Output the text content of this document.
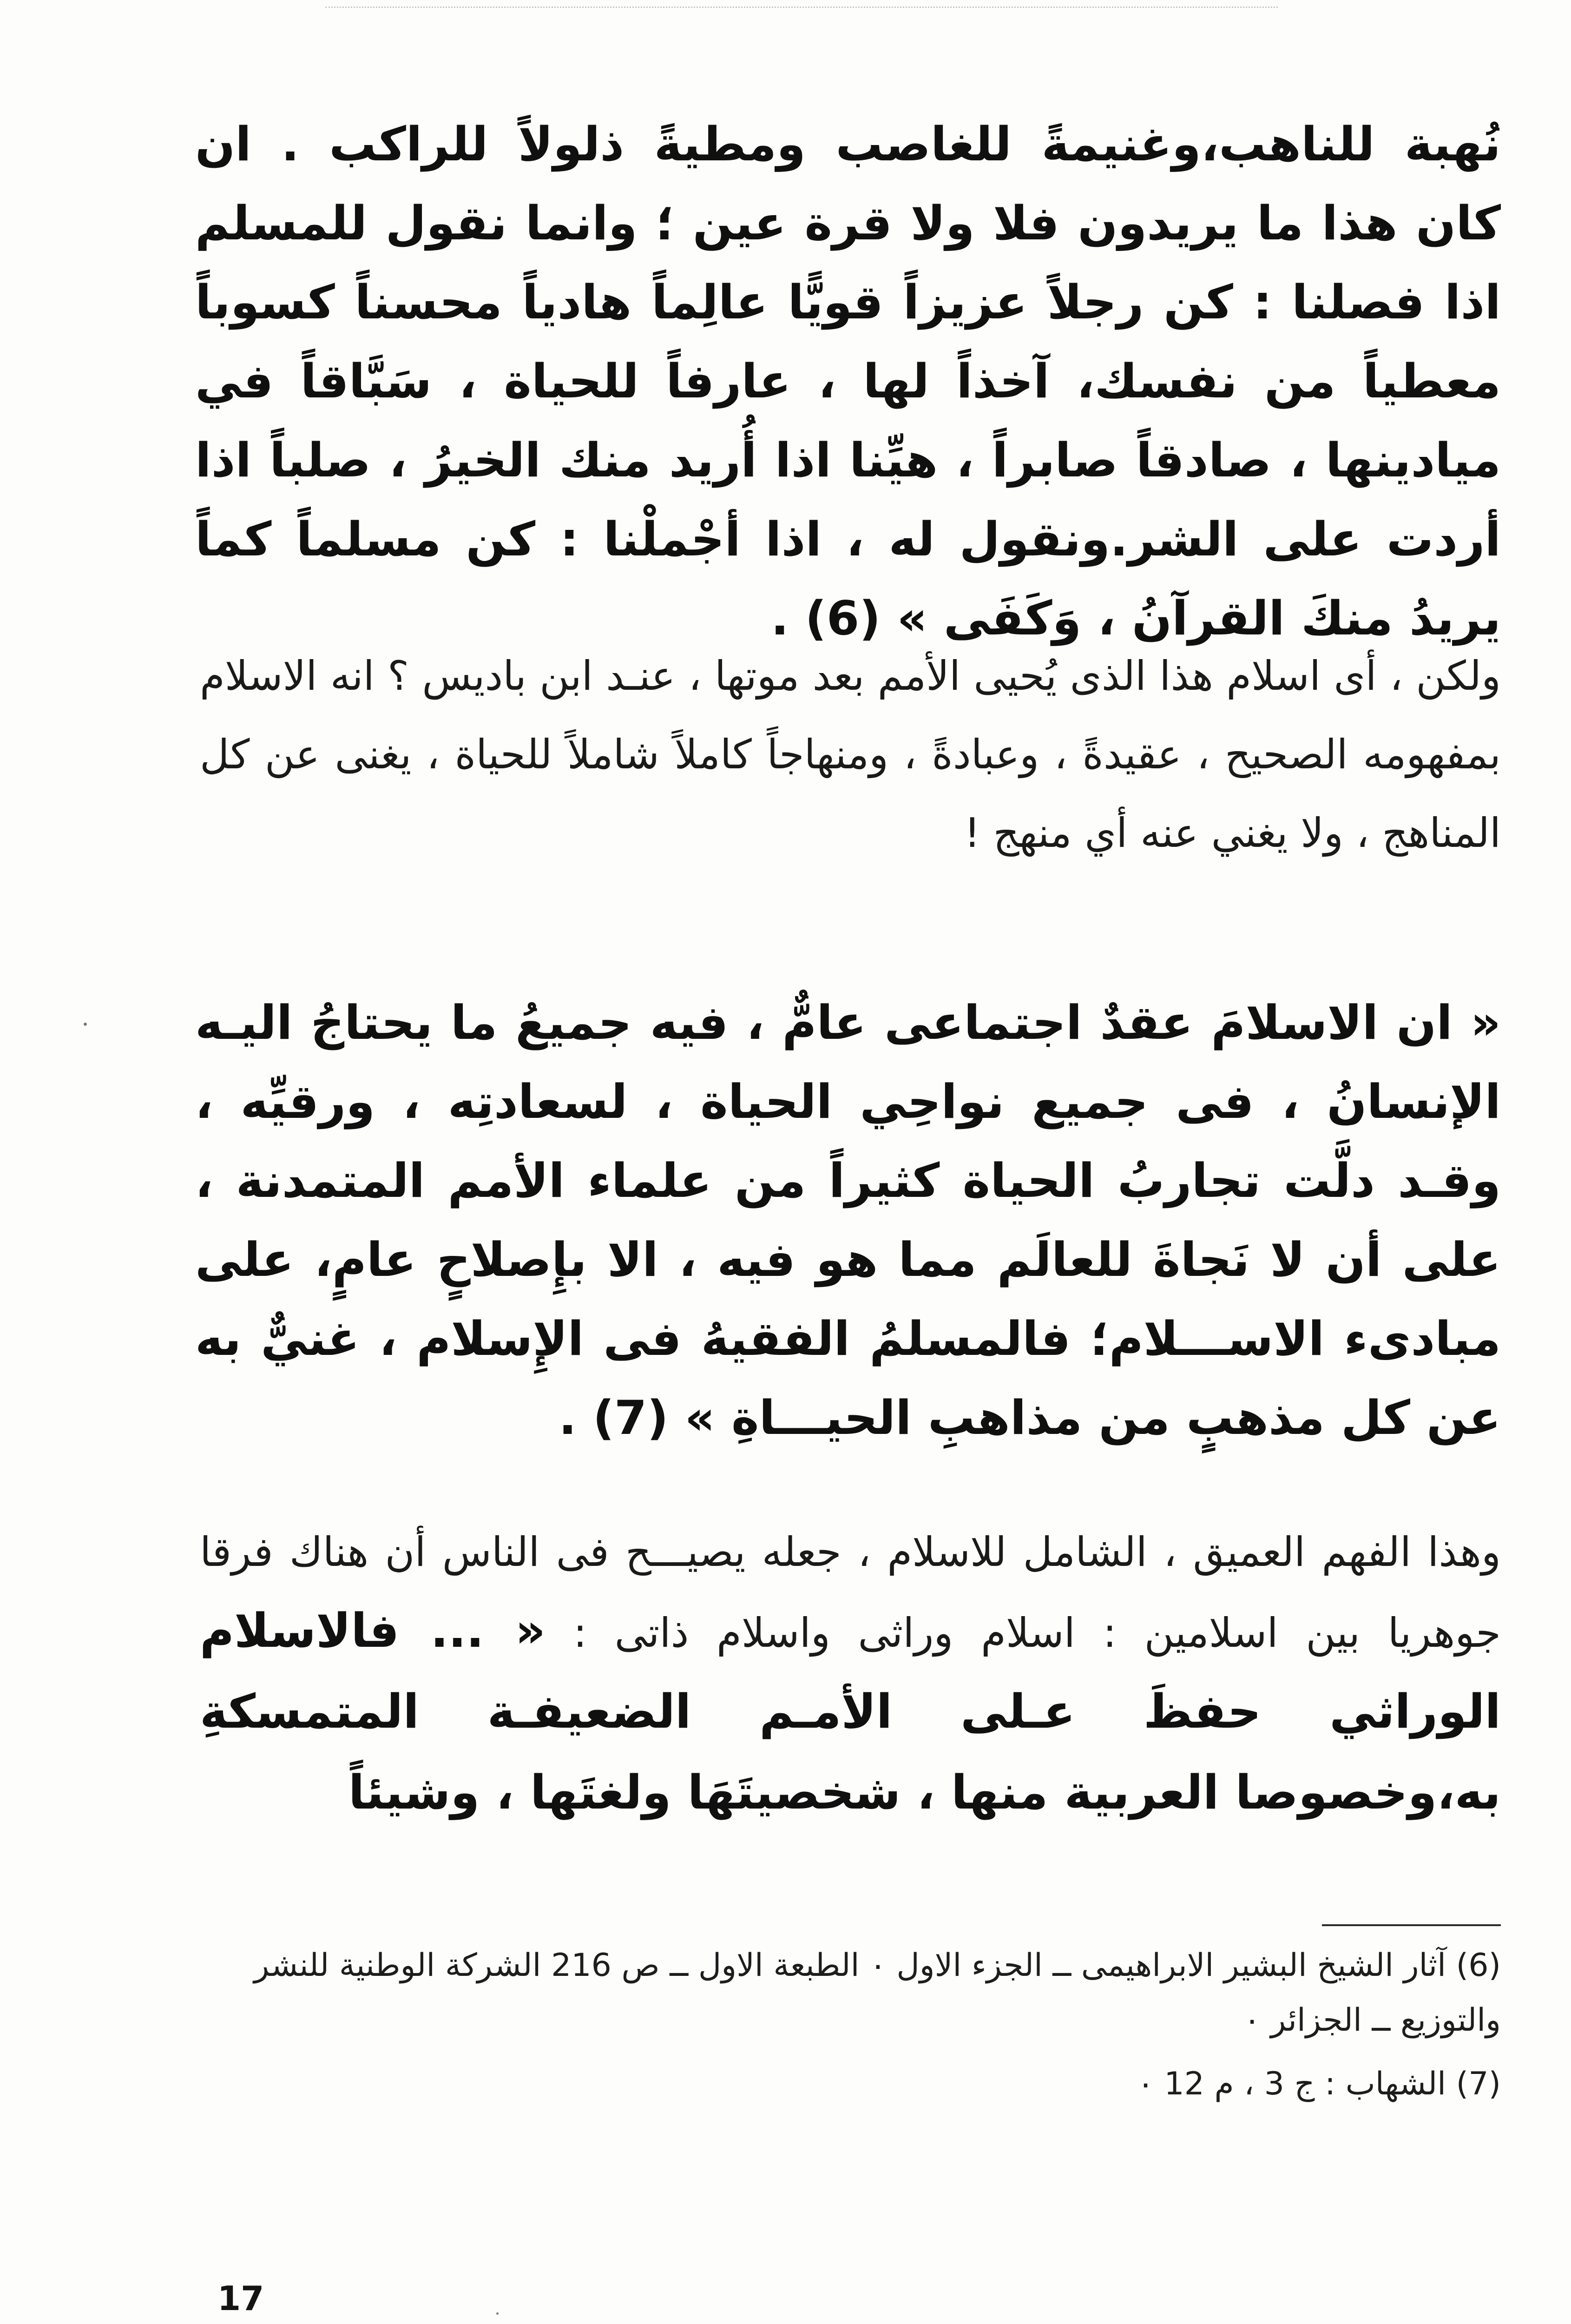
نُهبة للناهب،وغنيمةً للغاصب ومطيةً ذلولاً للراكب . ان كان هذا ما يريدون فلا ولا قرة عين ؛ وانما نقول للمسلم اذا فصلنا : كن رجلاً عزيزاً قويًّا عالِماً هادياً محسناً كسوباً معطياً من نفسك، آخذاً لها ، عارفاً للحياة ، سَبَّاقاً في ميادينها ، صادقاً صابراً ، هيِّنا اذا أُريد منك الخيرُ ، صلباً اذا أردت على الشر.ونقول له ، اذا أجْملْنا : كن مسلماً كماً يريدُ منكَ القرآنُ ، وَكَفَى » (6) .

ولكن ، أى اسلام هذا الذى يُحيى الأمم بعد موتها ، عنـد ابن باديس ؟ انه الاسلام بمفهومه الصحيح ، عقيدةً ، وعبادةً ، ومنهاجاً كاملاً شاملاً للحياة ، يغنى عن كل المناهج ، ولا يغني عنه أي منهج !

« ان الاسلامَ عقدٌ اجتماعى عامٌّ ، فيه جميعُ ما يحتاجُ اليـه الإنسانُ ، فى جميع نواحِي الحياة ، لسعادتِه ، ورقيِّه ، وقـد دلَّت تجاربُ الحياة كثيراً من علماء الأمم المتمدنة ، على أن لا نَجاةَ للعالَم مما هو فيه ، الا بإِصلاحٍ عامٍ، على مبادىء الاســـلام؛ فالمسلمُ الفقيهُ فى الإِسلام ، غنيٌّ به عن كل مذهبٍ من مذاهبِ الحيـــاةِ » (7) .

وهذا الفهم العميق ، الشامل للاسلام ، جعله يصيـــح فى الناس أن هناك فرقا جوهريا بين اسلامين : اسلام وراثى واسلام ذاتى : « ... فالاسلام الوراثي حفظَ عـلى الأمـم الضعيفـة المتمسكةِ به،وخصوصا العربية منها ، شخصيتَهَا ولغتَها ، وشيئاً

(6) آثار الشيخ البشير الابراهيمى ــ الجزء الاول ٠ الطبعة الاول ــ ص 216 الشركة الوطنية للنشر والتوزيع ــ الجزائر ٠

(7) الشهاب : ج 3 ، م 12 ٠

17
